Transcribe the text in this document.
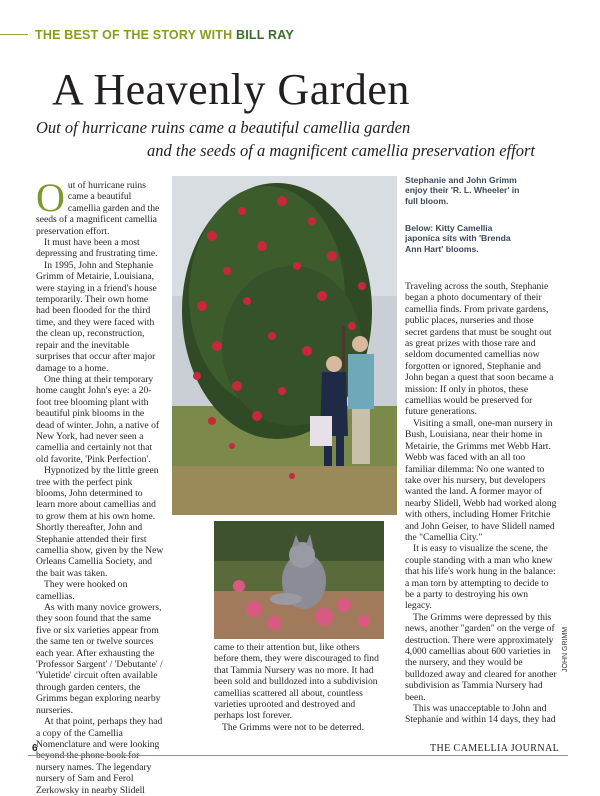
THE BEST OF THE STORY WITH BILL RAY
A Heavenly Garden
Out of hurricane ruins came a beautiful camellia garden
and the seeds of a magnificent camellia preservation effort

Out of hurricane ruins came a beautiful camellia garden and the seeds of a magnificent camellia preservation effort.

It must have been a most depressing and frustrating time.

In 1995, John and Stephanie Grimm of Metairie, Louisiana, were staying in a friend's house temporarily. Their own home had been flooded for the third time, and they were faced with the clean up, reconstruction, repair and the inevitable surprises that occur after major damage to a home.

One thing at their temporary home caught John's eye: a 20-foot tree blooming plant with beautiful pink blooms in the dead of winter. John, a native of New York, had never seen a camellia and certainly not that old favorite, 'Pink Perfection'.

Hypnotized by the little green tree with the perfect pink blooms, John determined to learn more about camellias and to grow them at his own home. Shortly thereafter, John and Stephanie attended their first camellia show, given by the New Orleans Camellia Society, and the bait was taken.

They were hooked on camellias.

As with many novice growers, they soon found that the same five or six varieties appear from the same ten or twelve sources each year. After exhausting the 'Professor Sargent' / 'Debutante' / 'Yuletide' circuit often available through garden centers, the Grimms began exploring nearby nurseries.

At that point, perhaps they had a copy of the Camellia Nomenclature and were looking nursery names. The legendary nursery of Sam and Ferol Zerkowsky in nearby Slidell

Stephanie and John Grimm enjoy their 'R. L. Wheeler' in full bloom.
Below: Kitty Camellia japonica sits with 'Brenda Ann Hart' blooms.

came to their attention but, like others before them, they were discouraged to find that Tammia Nursery was no more. It had been sold and bulldozed into a subdivision camellias scattered all about, countless varieties uprooted and destroyed and perhaps lost forever.

The Grimms were not to be deterred.

Traveling across the south, Stephanie began a photo documentary of their camellia finds. From private gardens, public places, nurseries and those secret gardens that must be sought out as great prizes with those rare and seldom documented camellias now forgotten or ignored, Stephanie and John began a quest that soon became a mission: If only in photos, these camellias would be preserved for future generations.

Visiting a small, one-man nursery in Bush, Louisiana, near their home in Metairie, the Grimms met Webb Hart. Webb was faced with an all too familiar dilemma: No one wanted to take over his nursery, but developers wanted the land. A former mayor of nearby Slidell, Webb had worked along with others, including Homer Fritchie and John Geiser, to have Slidell named the "Camellia City."

It is easy to visualize the scene, the couple standing with a man who knew that his life's work hung in the balance: a man torn by attempting to decide to be a party to destroying his own legacy.

The Grimms were depressed by this news, another "garden" on the verge of destruction. There were approximately 4,000 camellias about 600 varieties in the nursery, and they would be bulldozed away and cleared for another subdivision as Tammia Nursery had been.

This was unacceptable to John and Stephanie and within 14 days, they had

JOHN GRIMM
6	THE CAMELLIA JOURNAL
